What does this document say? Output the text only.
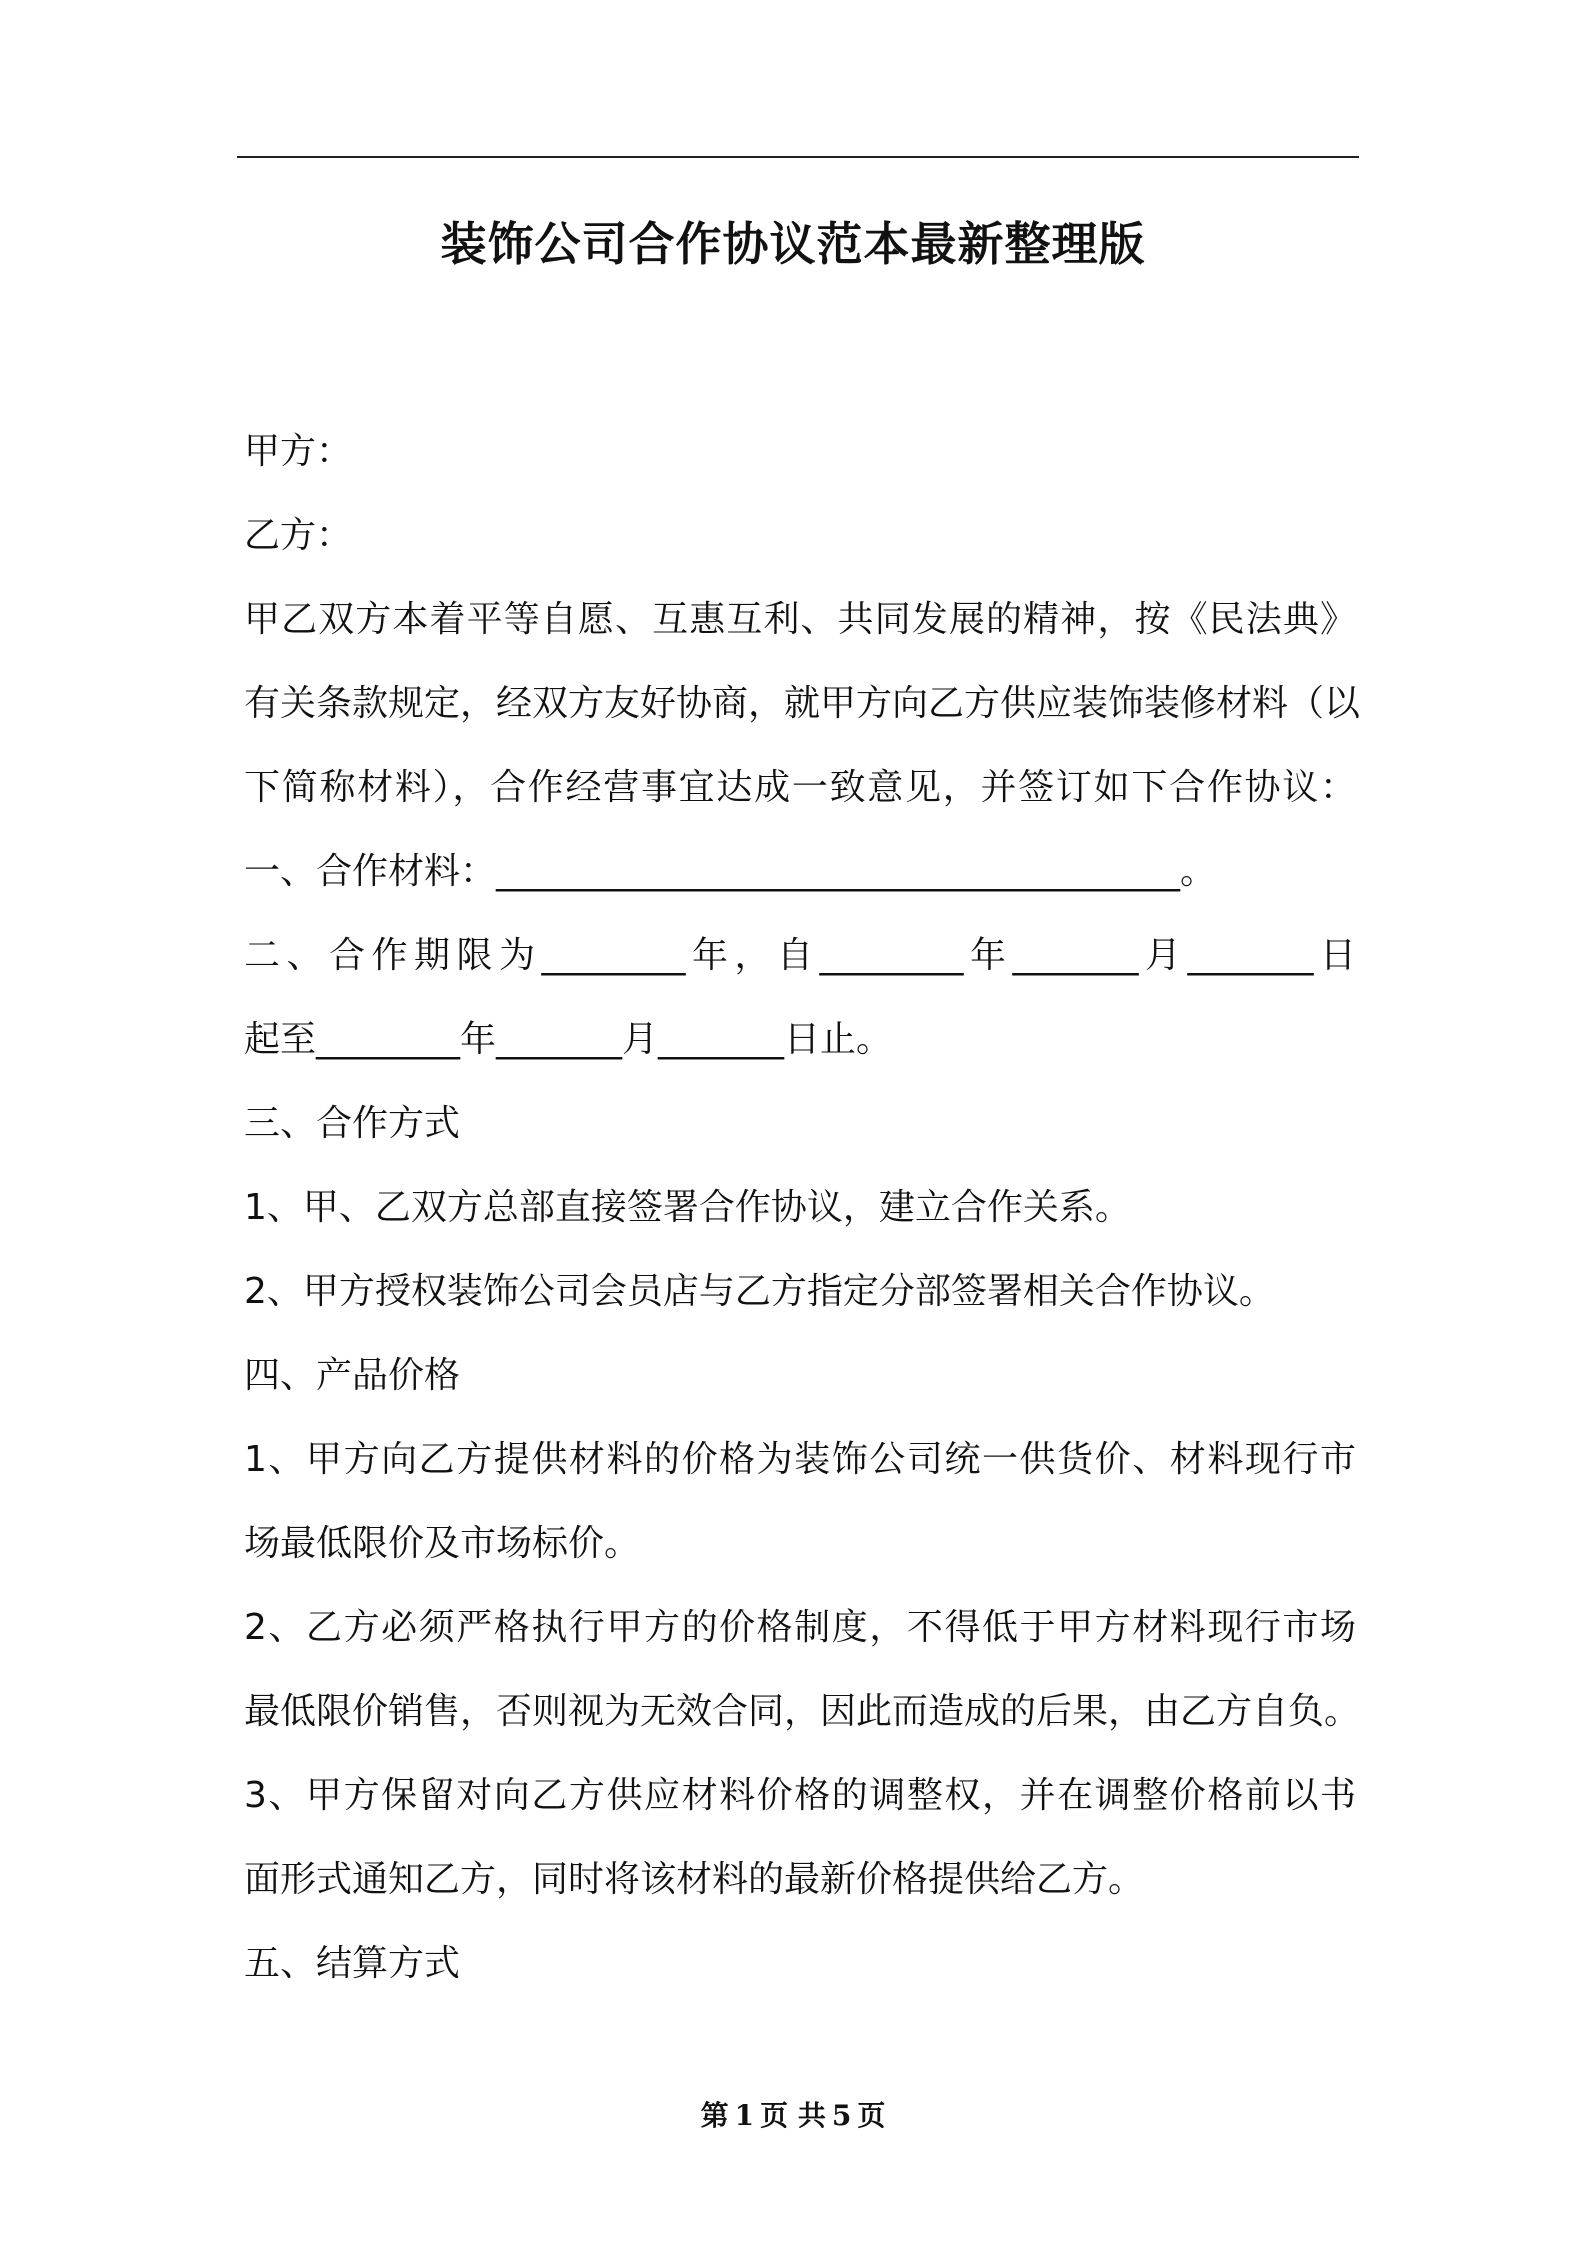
装饰公司合作协议范本最新整理版
甲方：
乙方：
甲乙双方本着平等自愿、互惠互利、共同发展的精神，按《民法典》
有关条款规定，经双方友好协商，就甲方向乙方供应装饰装修材料（以
下简称材料），合作经营事宜达成一致意见，并签订如下合作协议：
一、合作材料：______________________________________。
二、合作期限为________年，自________年_______月_______日
起至________年_______月_______日止。
三、合作方式
1、甲、乙双方总部直接签署合作协议，建立合作关系。
2、甲方授权装饰公司会员店与乙方指定分部签署相关合作协议。
四、产品价格
1、甲方向乙方提供材料的价格为装饰公司统一供货价、材料现行市
场最低限价及市场标价。
2、乙方必须严格执行甲方的价格制度，不得低于甲方材料现行市场
最低限价销售，否则视为无效合同，因此而造成的后果，由乙方自负。
3、甲方保留对向乙方供应材料价格的调整权，并在调整价格前以书
面形式通知乙方，同时将该材料的最新价格提供给乙方。
五、结算方式
第 1 页 共 5 页
